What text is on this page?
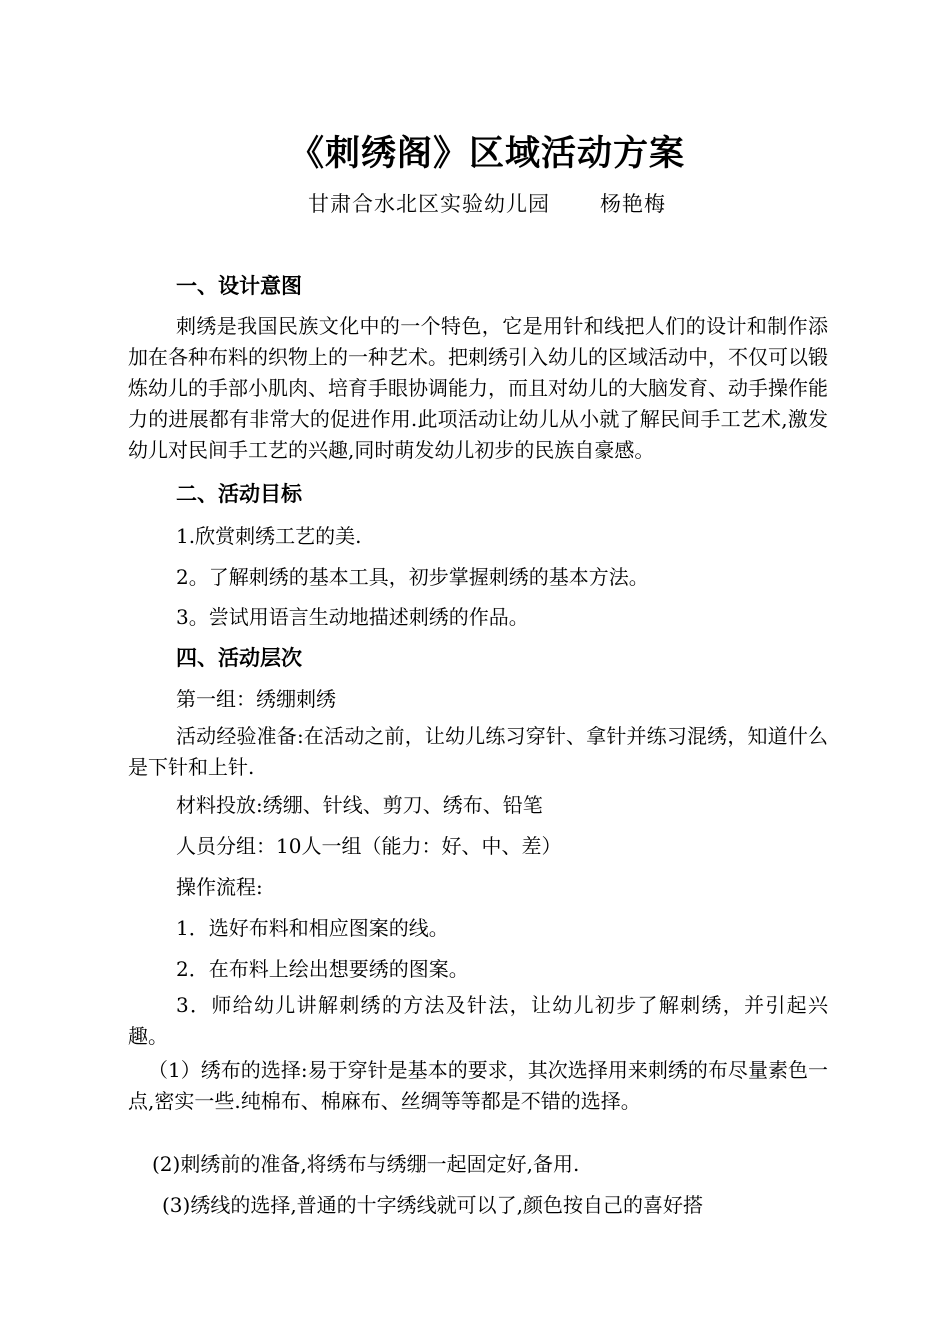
《刺绣阁》区域活动方案
甘肃合水北区实验幼儿园 杨艳梅
一、设计意图
刺绣是我国民族文化中的一个特色，它是用针和线把人们的设计和制作添加在各种布料的织物上的一种艺术。把刺绣引入幼儿的区域活动中，不仅可以锻炼幼儿的手部小肌肉、培育手眼协调能力，而且对幼儿的大脑发育、动手操作能力的进展都有非常大的促进作用.此项活动让幼儿从小就了解民间手工艺术,激发幼儿对民间手工艺的兴趣,同时萌发幼儿初步的民族自豪感。
二、活动目标
1.欣赏刺绣工艺的美.
2。了解刺绣的基本工具，初步掌握刺绣的基本方法。
3。尝试用语言生动地描述刺绣的作品。
四、活动层次
第一组：绣绷刺绣
活动经验准备:在活动之前，让幼儿练习穿针、拿针并练习混绣，知道什么是下针和上针.
材料投放:绣绷、针线、剪刀、绣布、铅笔
人员分组：10人一组（能力：好、中、差）
操作流程:
1．选好布料和相应图案的线。
2．在布料上绘出想要绣的图案。
3．师给幼儿讲解刺绣的方法及针法，让幼儿初步了解刺绣，并引起兴趣。
（1）绣布的选择:易于穿针是基本的要求，其次选择用来刺绣的布尽量素色一点,密实一些.纯棉布、棉麻布、丝绸等等都是不错的选择。
(2)刺绣前的准备,将绣布与绣绷一起固定好,备用.
(3)绣线的选择,普通的十字绣线就可以了,颜色按自己的喜好搭
